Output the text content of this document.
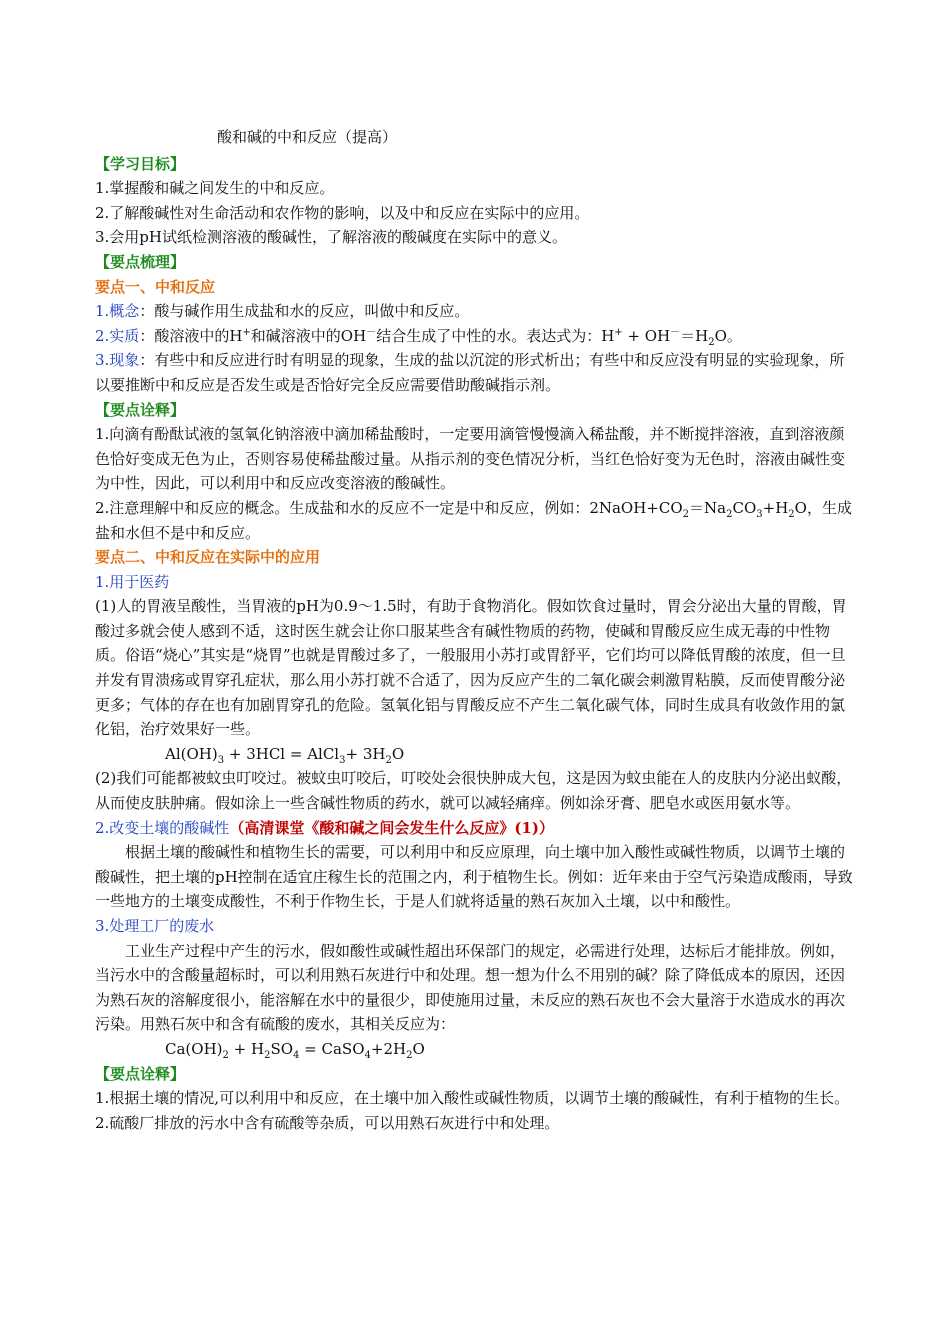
酸和碱的中和反应（提高）

【学习目标】

1.掌握酸和碱之间发生的中和反应。

2.了解酸碱性对生命活动和农作物的影响，以及中和反应在实际中的应用。

3.会用pH试纸检测溶液的酸碱性，了解溶液的酸碱度在实际中的意义。

【要点梳理】

要点一、中和反应

1.概念：酸与碱作用生成盐和水的反应，叫做中和反应。

2.实质：酸溶液中的H+和碱溶液中的OH－结合生成了中性的水。表达式为：$H^+ + OH^-=H_2O$。

3.现象：有些中和反应进行时有明显的现象，生成的盐以沉淀的形式析出；有些中和反应没有明显的实验现象，所以要推断中和反应是否发生或是否恰好完全反应需要借助酸碱指示剂。

【要点诠释】

1.向滴有酚酞试液的氢氧化钠溶液中滴加稀盐酸时，一定要用滴管慢慢滴入稀盐酸，并不断搅拌溶液，直到溶液颜色恰好变成无色为止，否则容易使稀盐酸过量。从指示剂的变色情况分析，当红色恰好变为无色时，溶液由碱性变为中性，因此，可以利用中和反应改变溶液的酸碱性。

2.注意理解中和反应的概念。生成盐和水的反应不一定是中和反应，例如：$2NaOH+CO_2=Na_2CO_3+H_2O$，生成盐和水但不是中和反应。

要点二、中和反应在实际中的应用

1.用于医药

(1)人的胃液呈酸性，当胃液的pH为0.9～1.5时，有助于食物消化。假如饮食过量时，胃会分泌出大量的胃酸，胃酸过多就会使人感到不适，这时医生就会让你口服某些含有碱性物质的药物，使碱和胃酸反应生成无毒的中性物质。俗语“烧心”其实是“烧胃”也就是胃酸过多了，一般服用小苏打或胃舒平，它们均可以降低胃酸的浓度，但一旦并发有胃溃疡或胃穿孔症状，那么用小苏打就不合适了，因为反应产生的二氧化碳会刺激胃粘膜，反而使胃酸分泌更多；气体的存在也有加剧胃穿孔的危险。氢氧化铝与胃酸反应不产生二氧化碳气体，同时生成具有收敛作用的氯化铝，治疗效果好一些。

$Al(OH)_3 + 3HCl$ = AlCl$_3$+ $3H_2O$

(2)我们可能都被蚊虫叮咬过。被蚊虫叮咬后，叮咬处会很快肿成大包，这是因为蚊虫能在人的皮肤内分泌出蚁酸，从而使皮肤肿痛。假如涂上一些含碱性物质的药水，就可以减轻痛痒。例如涂牙膏、肥皂水或医用氨水等。

2.改变土壤的酸碱性（高清课堂《酸和碱之间会发生什么反应》(1)）

根据土壤的酸碱性和植物生长的需要，可以利用中和反应原理，向土壤中加入酸性或碱性物质，以调节土壤的酸碱性，把土壤的pH控制在适宜庄稼生长的范围之内，利于植物生长。例如：近年来由于空气污染造成酸雨，导致一些地方的土壤变成酸性，不利于作物生长，于是人们就将适量的熟石灰加入土壤，以中和酸性。

3.处理工厂的废水

工业生产过程中产生的污水，假如酸性或碱性超出环保部门的规定，必需进行处理，达标后才能排放。例如，当污水中的含酸量超标时，可以利用熟石灰进行中和处理。想一想为什么不用别的碱？除了降低成本的原因，还因为熟石灰的溶解度很小，能溶解在水中的量很少，即使施用过量，未反应的熟石灰也不会大量溶于水造成水的再次污染。用熟石灰中和含有硫酸的废水，其相关反应为：

$Ca(OH)_2 + H_2SO_4$ = $CaSO_4+2H_2O$

【要点诠释】

1.根据土壤的情况,可以利用中和反应，在土壤中加入酸性或碱性物质，以调节土壤的酸碱性，有利于植物的生长。

2.硫酸厂排放的污水中含有硫酸等杂质，可以用熟石灰进行中和处理。
